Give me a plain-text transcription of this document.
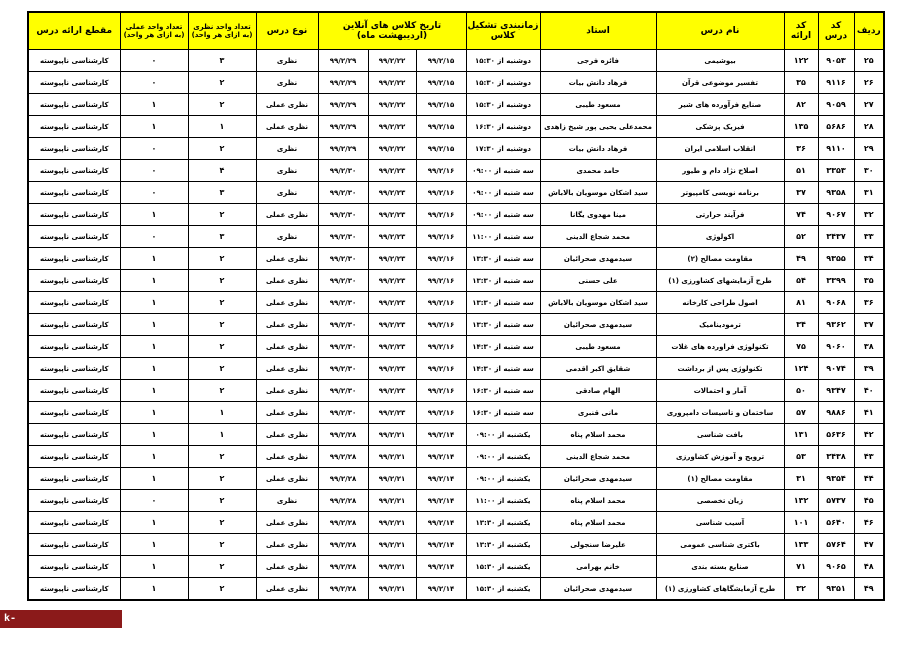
ردیف	کد درس	کد ارائه	نام درس	استاد	زمانبندی تشکیل کلاس	تاریخ کلاس های آنلاین (اردیبهشت ماه)			نوع درس	تعداد واحد نظری (به ازای هر واحد)	تعداد واحد عملی (به ازای هر واحد)	مقطع ارائه درس
۲۵	۹۰۵۳	۱۲۲	بیوشیمی	فائزه فرجی	دوشنبه از ۱۵:۳۰	۹۹/۲/۱۵	۹۹/۲/۲۲	۹۹/۲/۲۹	نظری	۳	۰	کارشناسی ناپیوسته
۲۶	۹۱۱۶	۳۵	تفسیر موضوعی قرآن	فرهاد دانش بیات	دوشنبه از ۱۵:۳۰	۹۹/۲/۱۵	۹۹/۲/۲۲	۹۹/۲/۲۹	نظری	۲	۰	کارشناسی ناپیوسته
۲۷	۹۰۵۹	۸۲	صنایع فرآورده های شیر	مسعود طیبی	دوشنبه از ۱۵:۳۰	۹۹/۲/۱۵	۹۹/۲/۲۲	۹۹/۲/۲۹	نظری عملی	۲	۱	کارشناسی ناپیوسته
۲۸	۵۶۸۶	۱۳۵	فیزیک پزشکی	محمدعلی یحیی پور شیخ زاهدی	دوشنبه از ۱۶:۳۰	۹۹/۲/۱۵	۹۹/۲/۲۲	۹۹/۲/۲۹	نظری عملی	۱	۱	کارشناسی ناپیوسته
۲۹	۹۱۱۰	۳۶	انقلاب اسلامی ایران	فرهاد دانش بیات	دوشنبه از ۱۷:۳۰	۹۹/۲/۱۵	۹۹/۲/۲۲	۹۹/۲/۲۹	نظری	۲	۰	کارشناسی ناپیوسته
۳۰	۳۳۵۳	۵۱	اصلاح نژاد دام و طیور	حامد محمدی	سه شنبه از ۰۹:۰۰	۹۹/۲/۱۶	۹۹/۲/۲۳	۹۹/۲/۳۰	نظری	۴	۰	کارشناسی ناپیوسته
۳۱	۹۳۵۸	۳۷	برنامه نویسی کامپیوتر	سید اشکان موسویان بالاباش	سه شنبه از ۰۹:۰۰	۹۹/۲/۱۶	۹۹/۲/۲۳	۹۹/۲/۳۰	نظری	۳	۰	کارشناسی ناپیوسته
۳۲	۹۰۶۷	۷۴	فرآیند حرارتی	مینا مهدوی یگانا	سه شنبه از ۰۹:۰۰	۹۹/۲/۱۶	۹۹/۲/۲۳	۹۹/۲/۳۰	نظری عملی	۲	۱	کارشناسی ناپیوسته
۳۳	۳۴۳۷	۵۲	اکولوژی	محمد شجاع الدینی	سه شنبه از ۱۱:۰۰	۹۹/۲/۱۶	۹۹/۲/۲۳	۹۹/۲/۳۰	نظری	۳	۰	کارشناسی ناپیوسته
۳۴	۹۳۵۵	۴۹	مقاومت مصالح (۲)	سیدمهدی صحرائیان	سه شنبه از ۱۳:۳۰	۹۹/۲/۱۶	۹۹/۲/۲۳	۹۹/۲/۳۰	نظری عملی	۲	۱	کارشناسی ناپیوسته
۳۵	۳۳۹۹	۵۴	طرح آزمایشهای کشاورزی (۱)	علی حسنی	سه شنبه از ۱۳:۳۰	۹۹/۲/۱۶	۹۹/۲/۲۳	۹۹/۲/۳۰	نظری عملی	۲	۱	کارشناسی ناپیوسته
۳۶	۹۰۶۸	۸۱	اصول طراحی کارخانه	سید اشکان موسویان بالاباش	سه شنبه از ۱۳:۳۰	۹۹/۲/۱۶	۹۹/۲/۲۳	۹۹/۲/۳۰	نظری عملی	۲	۱	کارشناسی ناپیوسته
۳۷	۹۳۶۲	۳۴	ترمودینامیک	سیدمهدی صحرائیان	سه شنبه از ۱۳:۳۰	۹۹/۲/۱۶	۹۹/۲/۲۳	۹۹/۲/۳۰	نظری عملی	۲	۱	کارشناسی ناپیوسته
۳۸	۹۰۶۰	۷۵	تکنولوژی فراورده های غلات	مسعود طیبی	سه شنبه از ۱۴:۳۰	۹۹/۲/۱۶	۹۹/۲/۲۳	۹۹/۲/۳۰	نظری عملی	۲	۱	کارشناسی ناپیوسته
۳۹	۹۰۷۴	۱۲۴	تکنولوژی پس از برداشت	شقایق اکبر اقدمی	سه شنبه از ۱۴:۳۰	۹۹/۲/۱۶	۹۹/۲/۲۳	۹۹/۲/۳۰	نظری عملی	۲	۱	کارشناسی ناپیوسته
۴۰	۹۳۴۷	۵۰	آمار و احتمالات	الهام صادقی	سه شنبه از ۱۶:۳۰	۹۹/۲/۱۶	۹۹/۲/۲۳	۹۹/۲/۳۰	نظری عملی	۲	۱	کارشناسی ناپیوسته
۴۱	۹۸۸۶	۵۷	ساختمان و تاسیسات دامپروری	مانی قنبری	سه شنبه از ۱۶:۳۰	۹۹/۲/۱۶	۹۹/۲/۲۳	۹۹/۲/۳۰	نظری عملی	۱	۱	کارشناسی ناپیوسته
۴۲	۵۶۳۶	۱۳۱	بافت شناسی	محمد اسلام پناه	یکشنبه از ۰۹:۰۰	۹۹/۲/۱۴	۹۹/۲/۲۱	۹۹/۲/۲۸	نظری عملی	۱	۱	کارشناسی ناپیوسته
۴۳	۳۴۳۸	۵۳	ترویج و آموزش کشاورزی	محمد شجاع الدینی	یکشنبه از ۰۹:۰۰	۹۹/۲/۱۴	۹۹/۲/۲۱	۹۹/۲/۲۸	نظری عملی	۲	۱	کارشناسی ناپیوسته
۴۴	۹۳۵۴	۳۱	مقاومت مصالح (۱)	سیدمهدی صحرائیان	یکشنبه از ۰۹:۰۰	۹۹/۲/۱۴	۹۹/۲/۲۱	۹۹/۲/۲۸	نظری عملی	۲	۱	کارشناسی ناپیوسته
۴۵	۵۷۳۷	۱۳۲	زبان تخصصی	محمد اسلام پناه	یکشنبه از ۱۱:۰۰	۹۹/۲/۱۴	۹۹/۲/۲۱	۹۹/۲/۲۸	نظری	۲	۰	کارشناسی ناپیوسته
۴۶	۵۶۴۰	۱۰۱	آسیب شناسی	محمد اسلام پناه	یکشنبه از ۱۳:۳۰	۹۹/۲/۱۴	۹۹/۲/۲۱	۹۹/۲/۲۸	نظری عملی	۲	۱	کارشناسی ناپیوسته
۴۷	۵۷۶۴	۱۳۳	باکتری شناسی عمومی	علیرضا سنجولی	یکشنبه از ۱۳:۳۰	۹۹/۲/۱۴	۹۹/۲/۲۱	۹۹/۲/۲۸	نظری عملی	۲	۱	کارشناسی ناپیوسته
۴۸	۹۰۶۵	۷۱	صنایع بسته بندی	خانم بهرامی	یکشنبه از ۱۵:۳۰	۹۹/۲/۱۴	۹۹/۲/۲۱	۹۹/۲/۲۸	نظری عملی	۲	۱	کارشناسی ناپیوسته
۴۹	۹۳۵۱	۳۲	طرح آزمایشگاهای کشاورزی (۱)	سیدمهدی صحرائیان	یکشنبه از ۱۵:۳۰	۹۹/۲/۱۴	۹۹/۲/۲۱	۹۹/۲/۲۸	نظری عملی	۲	۱	کارشناسی ناپیوسته
k-shahryar.tvu.ac.ir
